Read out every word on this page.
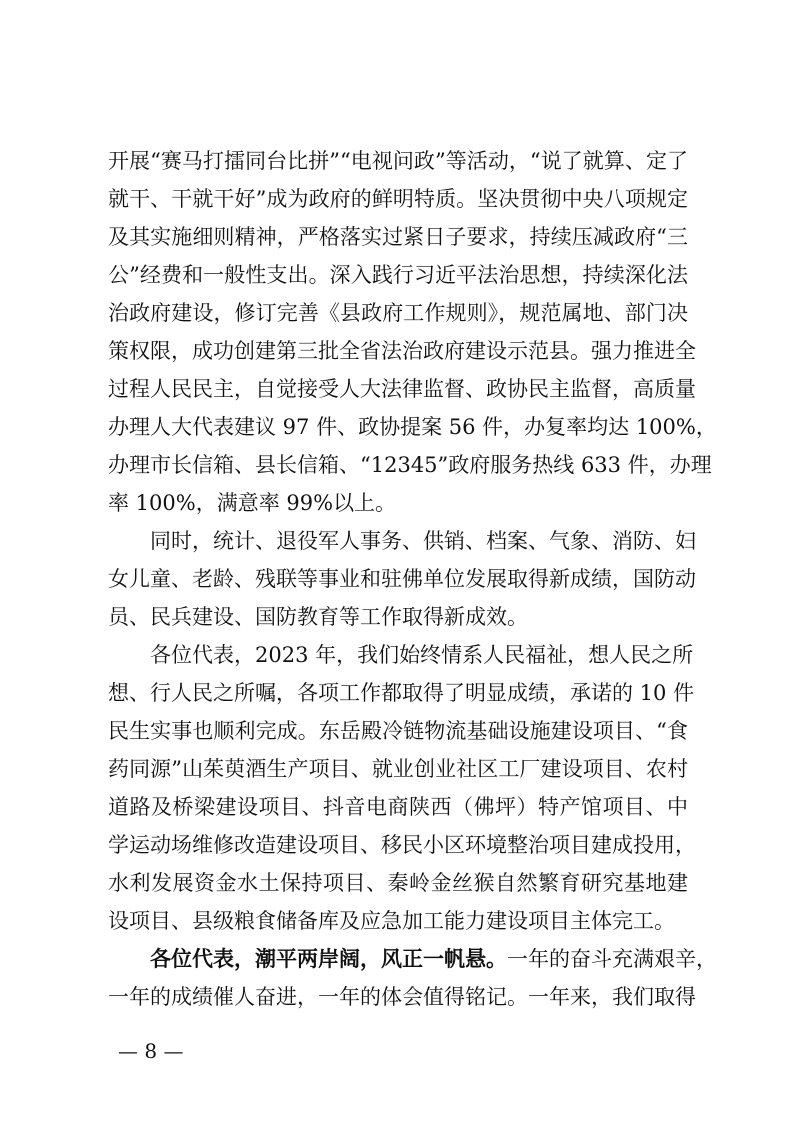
开展“赛马打擂同台比拼”“电视问政”等活动，“说了就算、定了
就干、干就干好”成为政府的鲜明特质。坚决贯彻中央八项规定
及其实施细则精神，严格落实过紧日子要求，持续压减政府“三
公”经费和一般性支出。深入践行习近平法治思想，持续深化法
治政府建设，修订完善《县政府工作规则》，规范属地、部门决
策权限，成功创建第三批全省法治政府建设示范县。强力推进全
过程人民民主，自觉接受人大法律监督、政协民主监督，高质量
办理人大代表建议 97 件、政协提案 56 件，办复率均达 100%，
办理市长信箱、县长信箱、“12345”政府服务热线 633 件，办理
率 100%，满意率 99%以上。
同时，统计、退役军人事务、供销、档案、气象、消防、妇
女儿童、老龄、残联等事业和驻佛单位发展取得新成绩，国防动
员、民兵建设、国防教育等工作取得新成效。
各位代表，2023 年，我们始终情系人民福祉，想人民之所
想、行人民之所嘱，各项工作都取得了明显成绩，承诺的 10 件
民生实事也顺利完成。东岳殿冷链物流基础设施建设项目、“食
药同源”山茱萸酒生产项目、就业创业社区工厂建设项目、农村
道路及桥梁建设项目、抖音电商陕西（佛坪）特产馆项目、中
学运动场维修改造建设项目、移民小区环境整治项目建成投用，
水利发展资金水土保持项目、秦岭金丝猴自然繁育研究基地建
设项目、县级粮食储备库及应急加工能力建设项目主体完工。
各位代表，潮平两岸阔，风正一帆悬。一年的奋斗充满艰辛，
一年的成绩催人奋进，一年的体会值得铭记。一年来，我们取得
— 8 —
